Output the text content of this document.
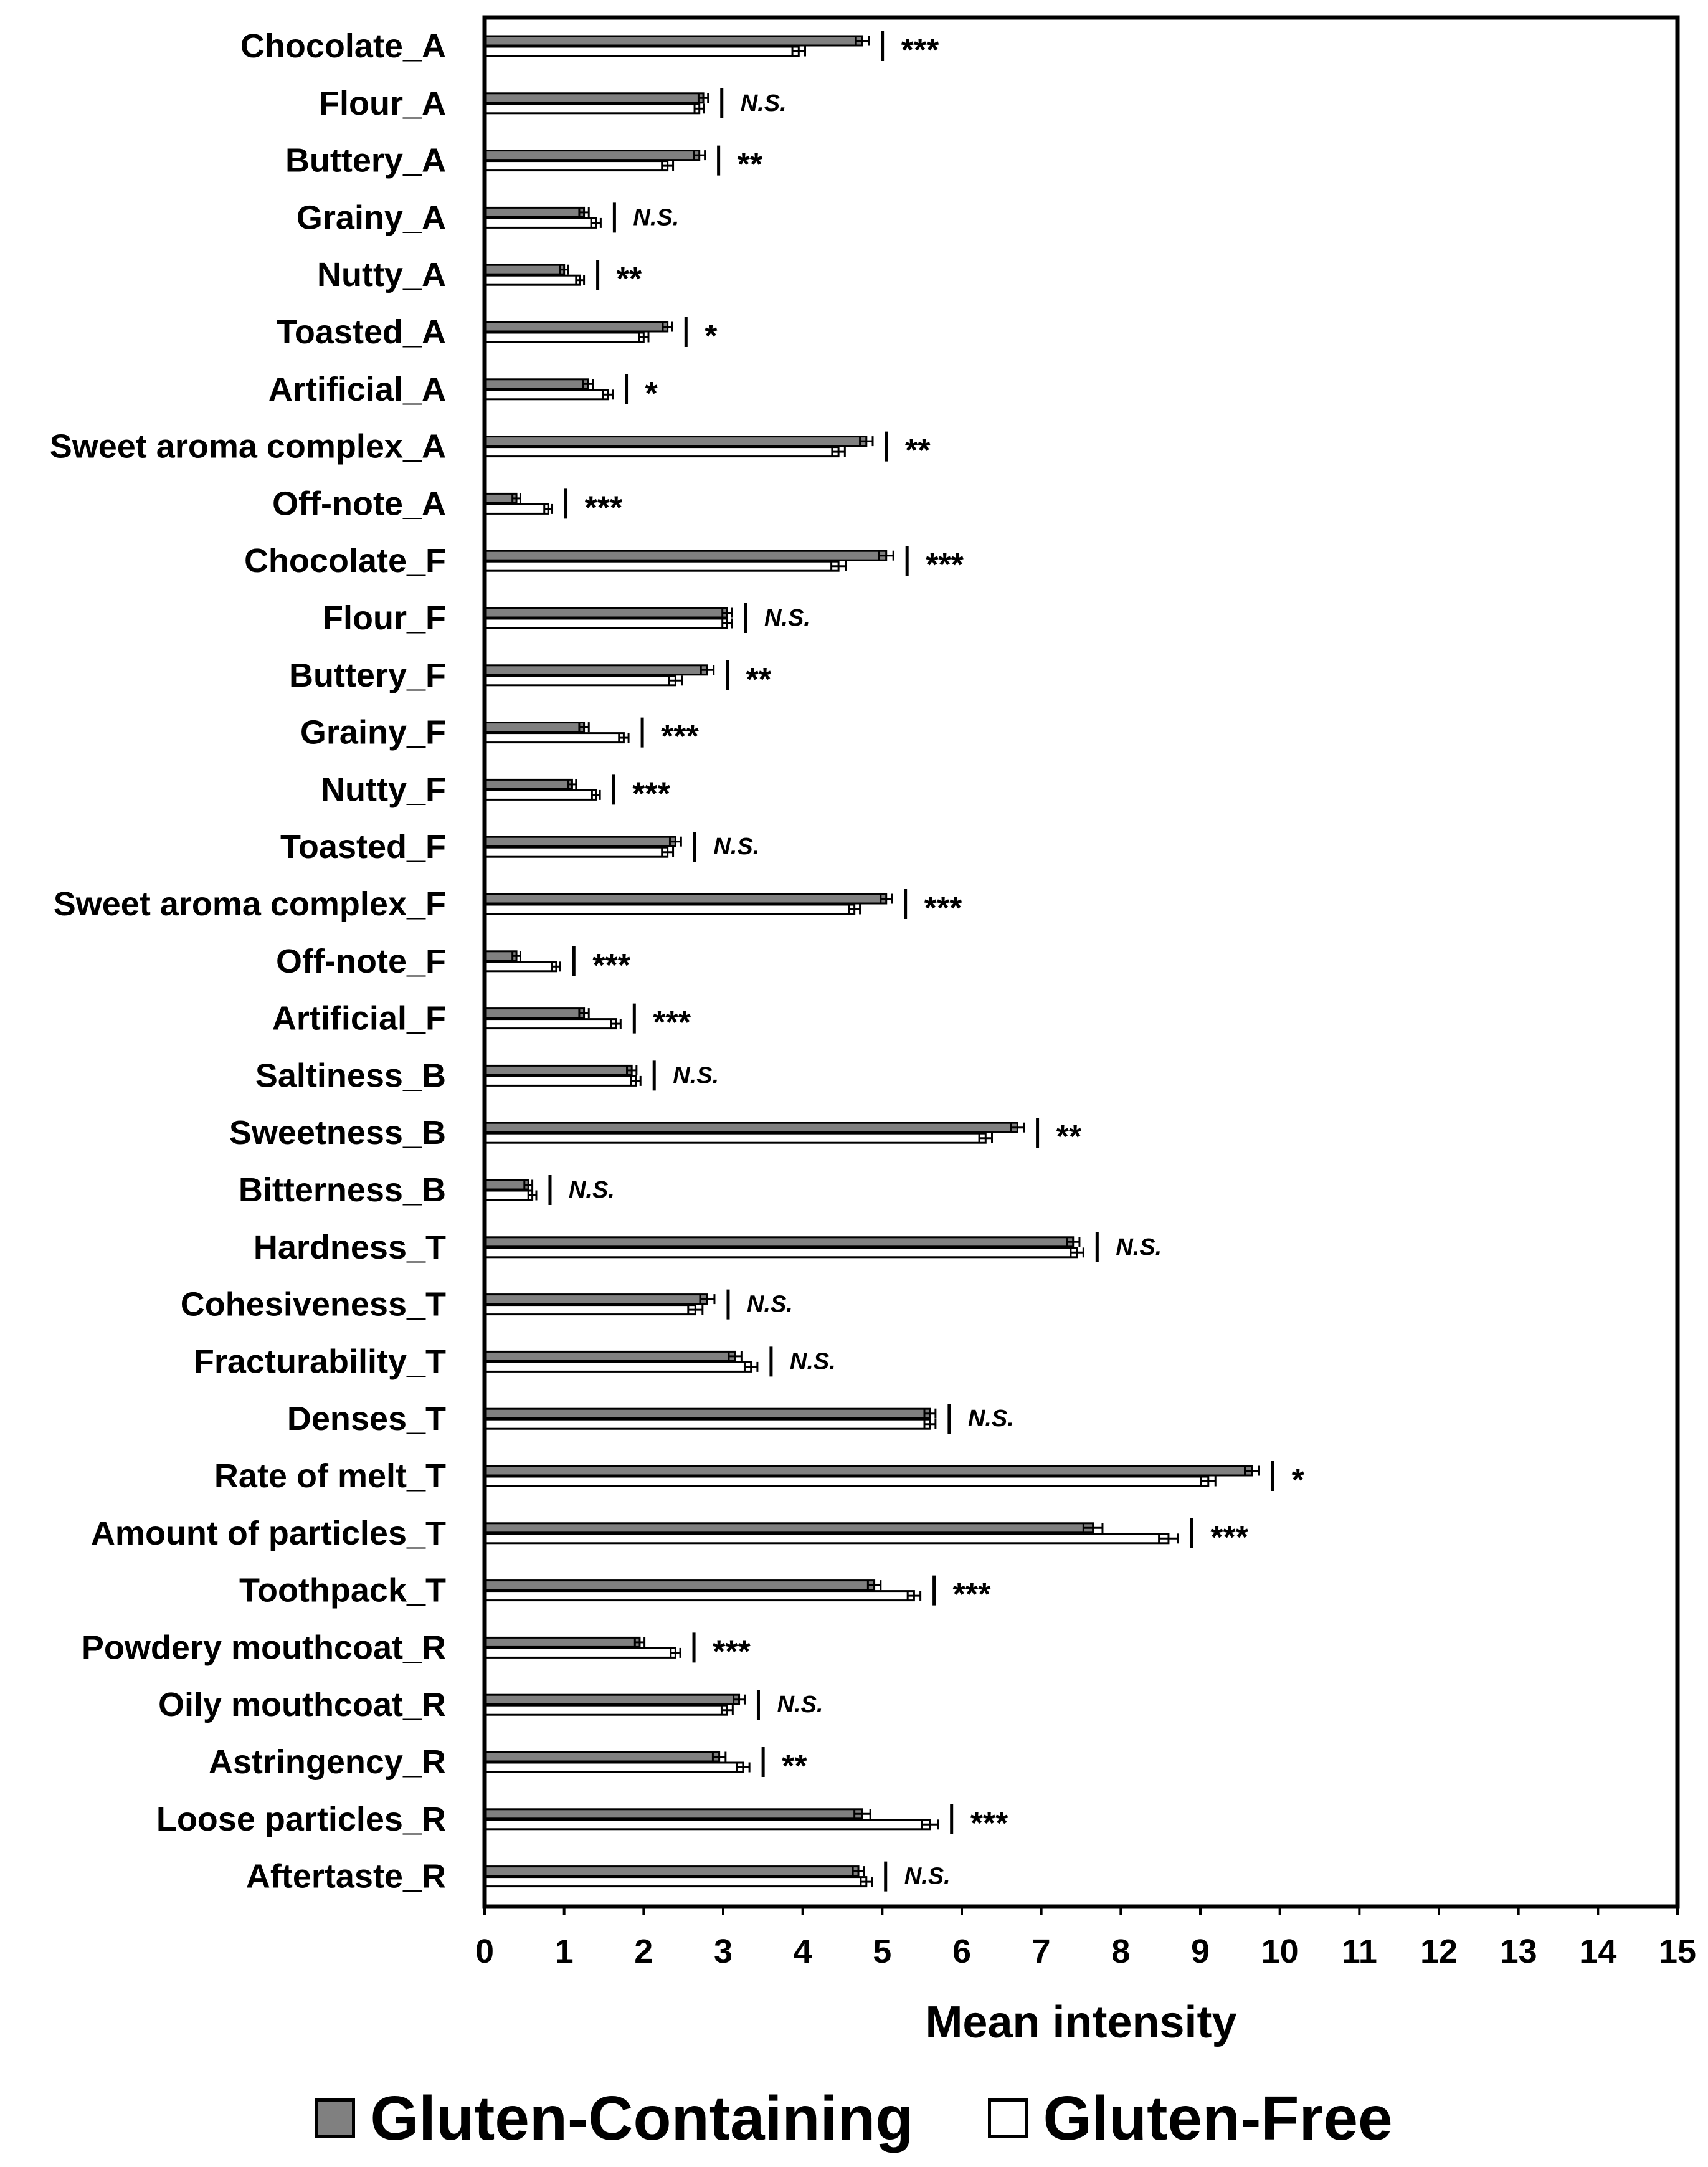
***
N.S.
**
N.S.
**
*
*
**
***
***
N.S.
**
***
***
N.S.
***
***
***
N.S.
**
N.S.
N.S.
N.S.
N.S.
N.S.
*
***
***
***
N.S.
**
***
N.S.
Chocolate_A
Flour_A
Buttery_A
Grainy_A
Nutty_A
Toasted_A
Artificial_A
Sweet aroma complex_A
Off-note_A
Chocolate_F
Flour_F
Buttery_F
Grainy_F
Nutty_F
Toasted_F
Sweet aroma complex_F
Off-note_F
Artificial_F
Saltiness_B
Sweetness_B
Bitterness_B
Hardness_T
Cohesiveness_T
Fracturability_T
Denses_T
Rate of melt_T
Amount of particles_T
Toothpack_T
Powdery mouthcoat_R
Oily mouthcoat_R
Astringency_R
Loose particles_R
Aftertaste_R
0 1 2 3 4 5 6 7 8 9 10 11 12 13 14 15
Mean intensity
Gluten-Containing Gluten-Free
